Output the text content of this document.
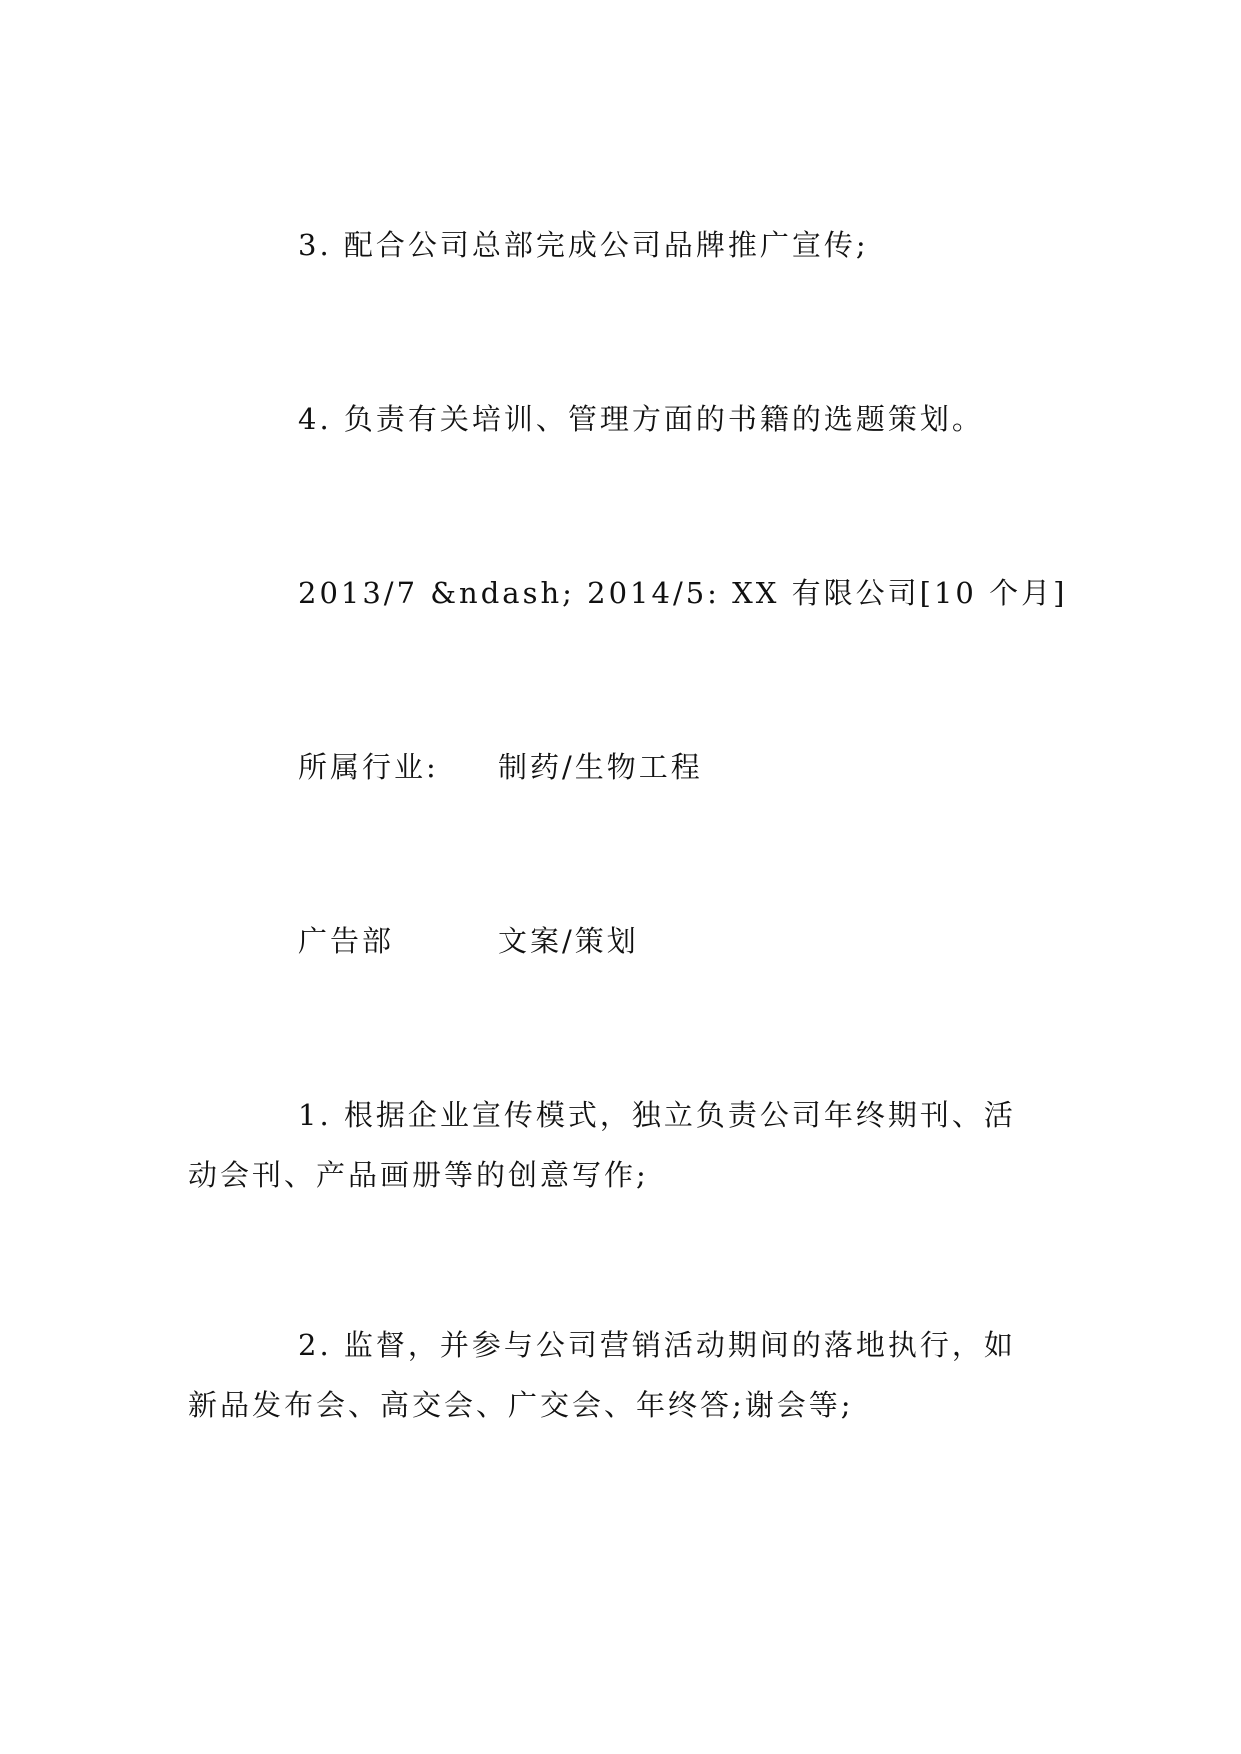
3. 配合公司总部完成公司品牌推广宣传;

4. 负责有关培训、管理方面的书籍的选题策划。

2013/7 &ndash; 2014/5: XX 有限公司[10 个月]

所属行业: 制药/生物工程

广告部	文案/策划

1. 根据企业宣传模式，独立负责公司年终期刊、活

动会刊、产品画册等的创意写作;

2. 监督，并参与公司营销活动期间的落地执行，如

新品发布会、高交会、广交会、年终答;谢会等;
